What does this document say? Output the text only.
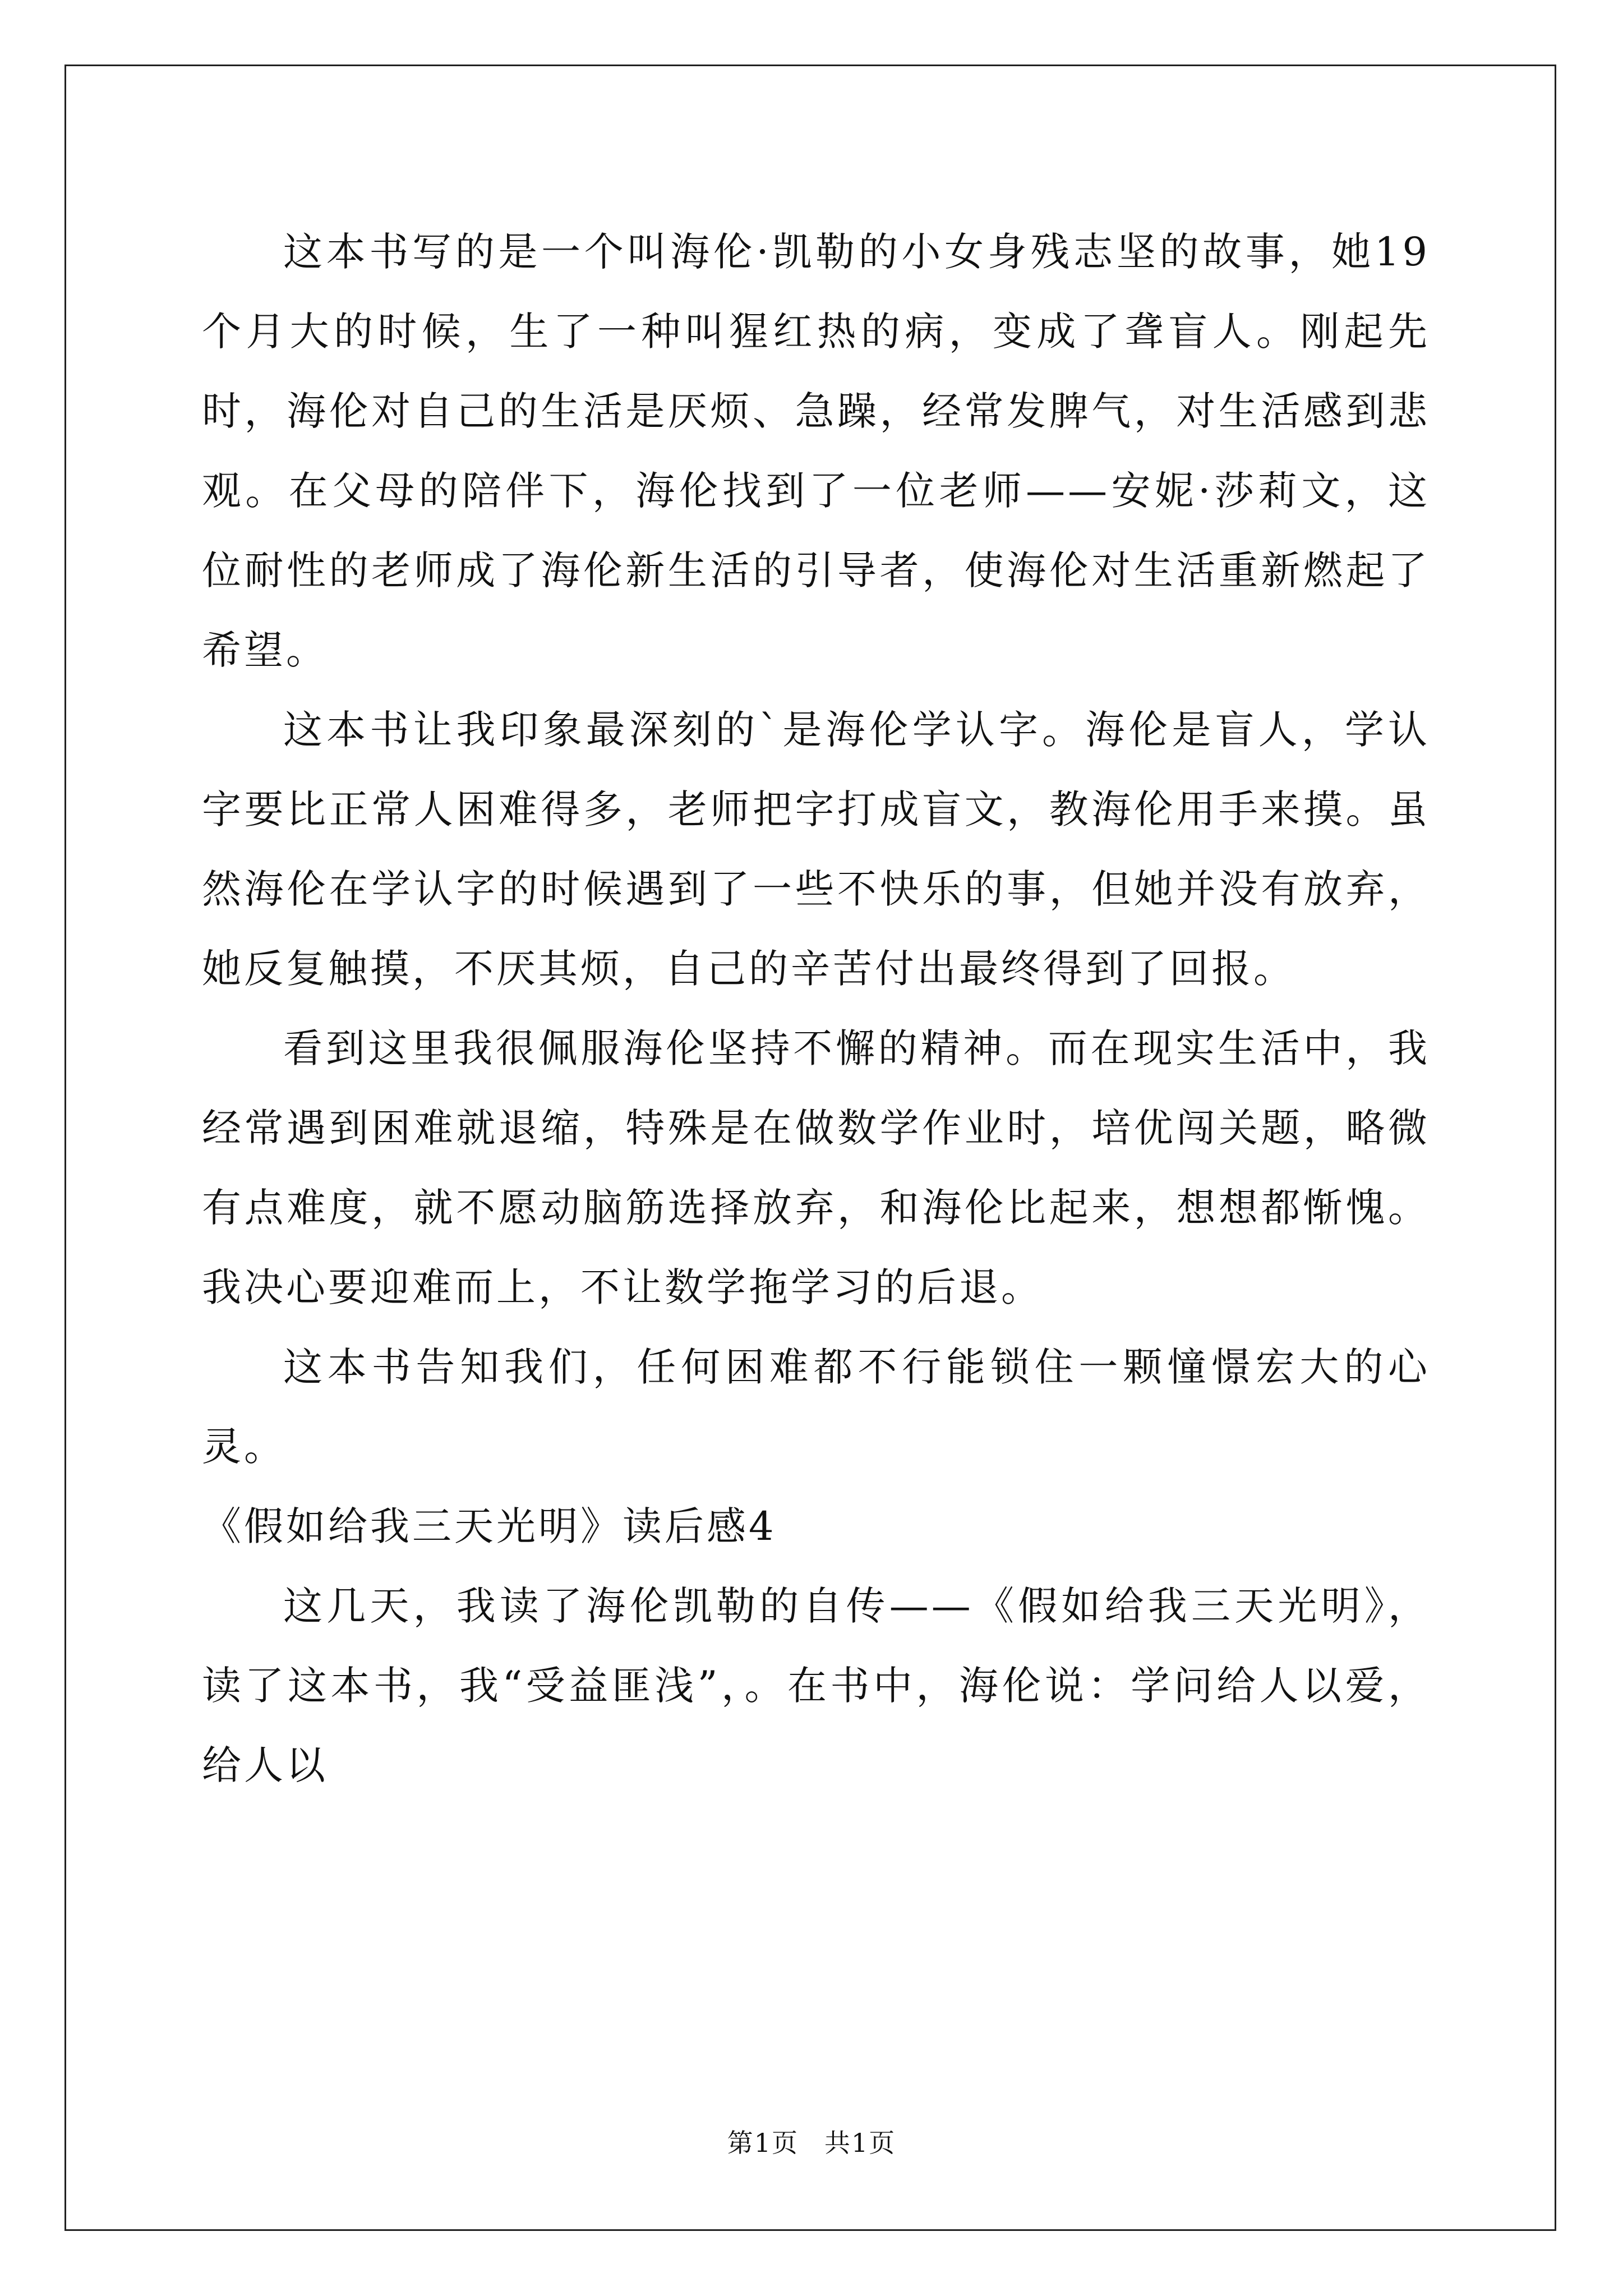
这本书写的是一个叫海伦·凯勒的小女身残志坚的故事，她19个月大的时候，生了一种叫猩红热的病，变成了聋盲人。刚起先时，海伦对自己的生活是厌烦、急躁，经常发脾气，对生活感到悲观。在父母的陪伴下，海伦找到了一位老师——安妮·莎莉文，这位耐性的老师成了海伦新生活的引导者，使海伦对生活重新燃起了希望。

这本书让我印象最深刻的`是海伦学认字。海伦是盲人，学认字要比正常人困难得多，老师把字打成盲文，教海伦用手来摸。虽然海伦在学认字的时候遇到了一些不快乐的事，但她并没有放弃，她反复触摸，不厌其烦，自己的辛苦付出最终得到了回报。

看到这里我很佩服海伦坚持不懈的精神。而在现实生活中，我经常遇到困难就退缩，特殊是在做数学作业时，培优闯关题，略微有点难度，就不愿动脑筋选择放弃，和海伦比起来，想想都惭愧。我决心要迎难而上，不让数学拖学习的后退。

这本书告知我们，任何困难都不行能锁住一颗憧憬宏大的心灵。

《假如给我三天光明》读后感4

这几天，我读了海伦凯勒的自传——《假如给我三天光明》，读了这本书，我“受益匪浅”，。在书中，海伦说：学问给人以爱，给人以

第1页 共1页
